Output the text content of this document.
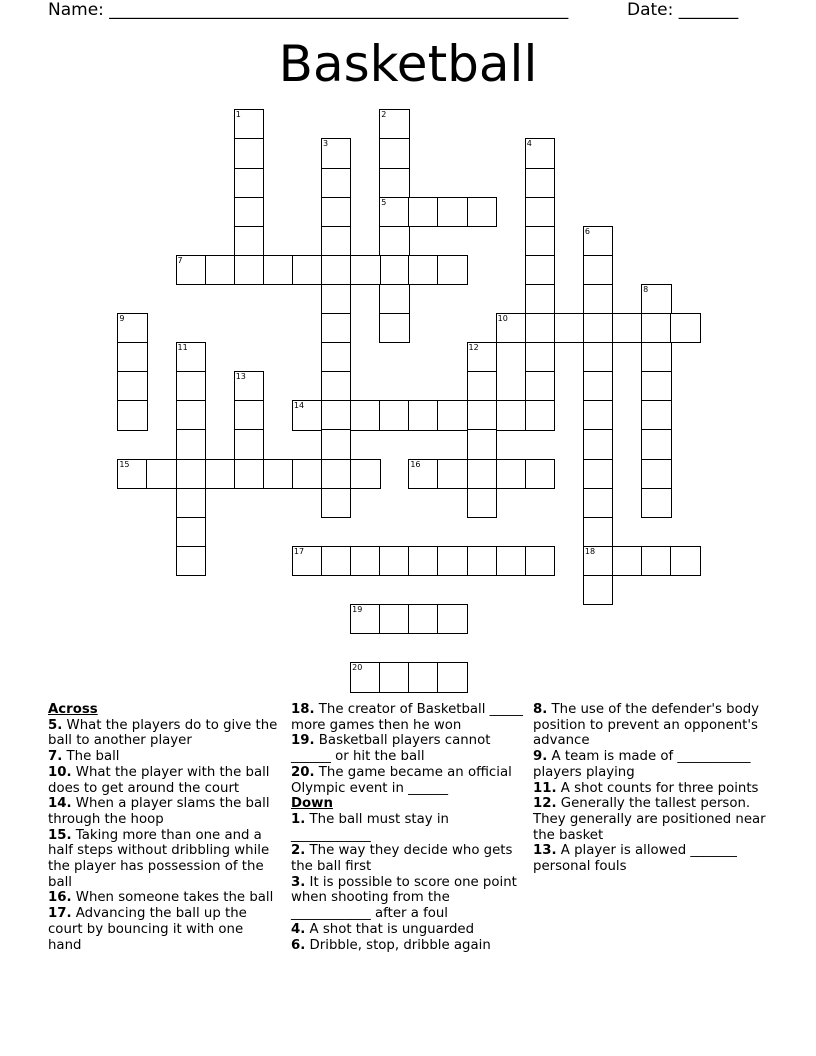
Name: ______________________________________________________	Date: _______
Basketball
1	2
5
3	4
6
18
7
8
9	10
11	12
13
14
15	16
17
19
20
Across
5. What the players do to give the ball to another player
7. The ball
10. What the player with the ball does to get around the court
14. When a player slams the ball through the hoop
15. Taking more than one and a half steps without dribbling while the player has possession of the ball
16. When someone takes the ball
17. Advancing the ball up the court by bouncing it with one hand
18. The creator of Basketball _____ more games then he won
19. Basketball players cannot ______ or hit the ball
20. The game became an official Olympic event in ______
Down
1. The ball must stay in ____________
2. The way they decide who gets the ball first
3. It is possible to score one point when shooting from the ____________ after a foul
4. A shot that is unguarded
6. Dribble, stop, dribble again
8. The use of the defender's body position to prevent an opponent's advance
9. A team is made of ___________ players playing
11. A shot counts for three points
12. Generally the tallest person. They generally are positioned near the basket
13. A player is allowed _______ personal fouls
